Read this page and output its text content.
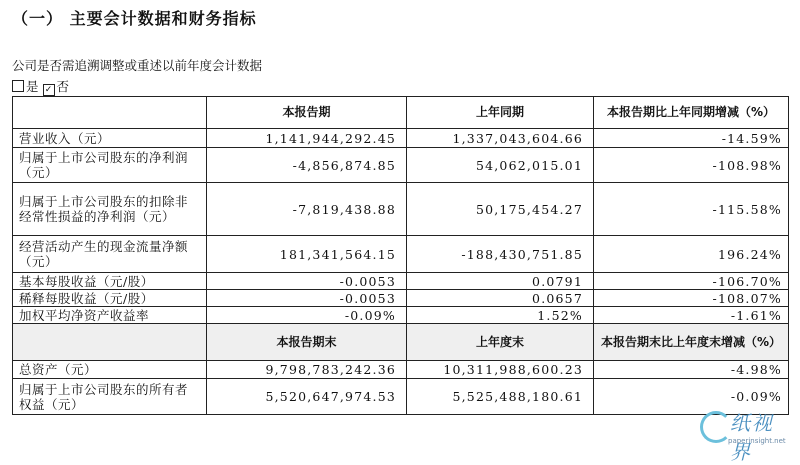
（一） 主要会计数据和财务指标
公司是否需追溯调整或重述以前年度会计数据
是 ✓ 否
	本报告期	上年同期	本报告期比上年同期增减（%）
营业收入（元）	1,141,944,292.45	1,337,043,604.66	-14.59%
归属于上市公司股东的净利润（元）	-4,856,874.85	54,062,015.01	-108.98%
归属于上市公司股东的扣除非经常性损益的净利润（元）	-7,819,438.88	50,175,454.27	-115.58%
经营活动产生的现金流量净额（元）	181,341,564.15	-188,430,751.85	196.24%
基本每股收益（元/股）	-0.0053	0.0791	-106.70%
稀释每股收益（元/股）	-0.0053	0.0657	-108.07%
加权平均净资产收益率	-0.09%	1.52%	-1.61%
	本报告期末	上年度末	本报告期末比上年度末增减（%）
总资产（元）	9,798,783,242.36	10,311,988,600.23	-4.98%
归属于上市公司股东的所有者权益（元）	5,520,647,974.53	5,525,488,180.61	-0.09%
纸视界
paperinsight.net
